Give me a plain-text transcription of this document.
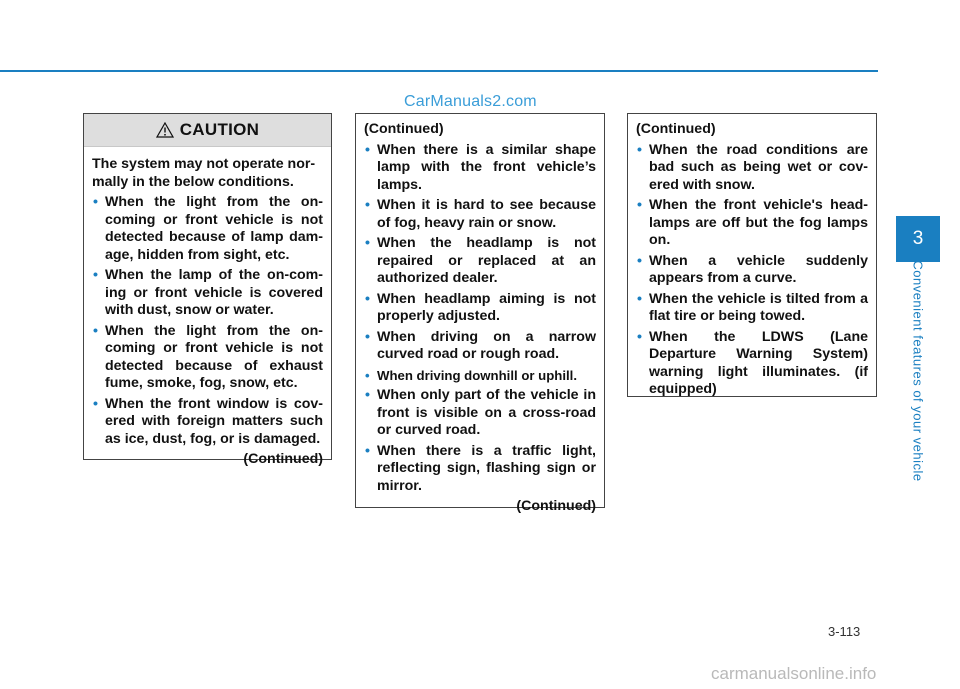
CarManuals2.com
CAUTION

The system may not operate nor-mally in the below conditions.

• When the light from the on-coming or front vehicle is not detected because of lamp dam-age, hidden from sight, etc.
• When the lamp of the on-com-ing or front vehicle is covered with dust, snow or water.
• When the light from the on-coming or front vehicle is not detected because of exhaust fume, smoke, fog, snow, etc.
• When the front window is cov-ered with foreign matters such as ice, dust, fog, or is damaged.
(Continued)

(Continued)

• When there is a similar shape lamp with the front vehicle’s lamps.
• When it is hard to see because of fog, heavy rain or snow.
• When the headlamp is not repaired or replaced at an authorized dealer.
• When headlamp aiming is not properly adjusted.
• When driving on a narrow curved road or rough road.
• When driving downhill or uphill.
• When only part of the vehicle in front is visible on a cross-road or curved road.
• When there is a traffic light, reflecting sign, flashing sign or mirror.
(Continued)

(Continued)

• When the road conditions are bad such as being wet or cov-ered with snow.
• When the front vehicle's head-lamps are off but the fog lamps on.
• When a vehicle suddenly appears from a curve.
• When the vehicle is tilted from a flat tire or being towed.
• When the LDWS (Lane Departure Warning System) warning light illuminates. (if equipped)
3
Convenient features of your vehicle
3-113
carmanualsonline.info
